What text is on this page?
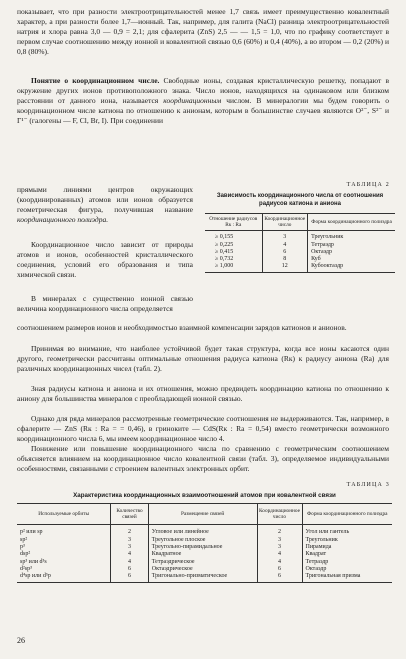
показывает, что при разности электроотрицательностей менее 1,7 связь имеет преимущественно ковалентный характер, а при разности более 1,7—ионный. Так, например, для галита (NaCl) разница электроотрицательностей натрия и хлора равна 3,0 — 0,9 = 2,1; для сфалерита (ZnS) 2,5 — — 1,5 = 1,0, что по графику соответствует в первом случае соотношению между ионной и ковалентной связью 0,6 (60%) и 0,4 (40%), а во втором — 0,2 (20%) и 0,8 (80%).

Понятие о координационном числе. Свободные ионы, создавая кристаллическую решетку, попадают в окружение других ионов противоположного знака. Число ионов, находящихся на одинаковом или близком расстоянии от данного иона, называется координационным числом. В минералогии мы будем говорить о координационном числе катиона по отношению к анионам, которым в большинстве случаев являются O²⁻, S²⁻ и Г¹⁻ (галогены — F, Cl, Br, I). При соединении

прямыми линиями центров окружающих (координированных) атомов или ионов образуется геометрическая фигура, получившая название координационного полиэдра.

Координационное число зависит от природы атомов и ионов, особенностей кристаллического соединения, условий его образования и типа химической связи.

В минералах с существенно ионной связью величина координационного числа определяется

соотношением размеров ионов и необходимостью взаимной компенсации зарядов катионов и анионов.

Принимая во внимание, что наиболее устойчивой будет такая структура, когда все ионы касаются один другого, геометрически рассчитаны оптимальные отношения радиуса катиона (Rк) к радиусу аниона (Rа) для различных координационных чисел (табл. 2).

Зная радиусы катиона и аниона и их отношения, можно предвидеть координацию катиона по отношению к аниону для большинства минералов с преобладающей ионной связью.

Однако для ряда минералов рассмотренные геометрические соотношения не выдерживаются. Так, например, в сфалерите — ZnS (Rк : Rа = = 0,46), в гриноките — CdS(Rк : Rа = 0,54) вместо геометрически возможного координационного числа 6, мы имеем координационное число 4.

Понижение или повышение координационного числа по сравнению с геометрическим соотношением объясняется влиянием на координационное число ковалентной связи (табл. 3), определяемое индивидуальными особенностями, связанными с строением валентных электронных орбит.

ТАБЛИЦА 2
Зависимость координационного числа от соотношения радиусов катиона и аниона
Отношение радиусов Rк : Rа	Координационное число	Форма координационного полиэдра
≥ 0,155	3	Треугольник
≥ 0,225	4	Тетраэдр
≥ 0,415	6	Октаэдр
≥ 0,732	8	Куб
≥ 1,000	12	Кубооктаэдр
ТАБЛИЦА 3
Характеристика координационных взаимоотношений атомов при ковалентной связи
Используемые орбиты	Количество связей	Размещение связей	Координационное число	Форма координационного полиэдра
p² или sp	2	Угловое или линейное	2	Угол или гантель
sp²	3	Треугольное плоское	3	Треугольник
p³	3	Треугольно-пирамидальное	3	Пирамида
dsp²	4	Квадратное	4	Квадрат
sp³ или d³s	4	Тетраэдрическое	4	Тетраэдр
d²sp³	6	Октаэдрическое	6	Октаэдр
d⁴sp или d⁵p	6	Тригонально-призматическое	6	Тригональная призма
26
